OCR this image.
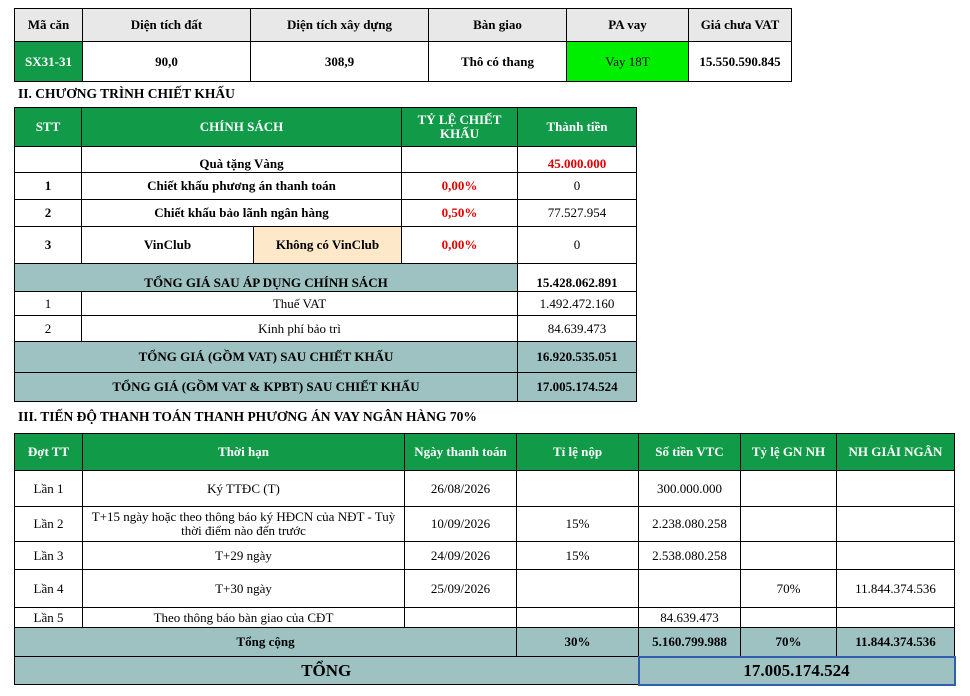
Mã căn	Diện tích đất	Diện tích xây dựng	Bàn giao	PA vay	Giá chưa VAT
SX31-31	90,0	308,9	Thô có thang	Vay 18T	15.550.590.845
II. CHƯƠNG TRÌNH CHIẾT KHẤU
STT	CHÍNH SÁCH		TỶ LỆ CHIẾT KHẤU	Thành tiền
	Quà tặng Vàng			45.000.000
1	Chiết khấu phương án thanh toán		0,00%	0
2	Chiết khấu bảo lãnh ngân hàng		0,50%	77.527.954
3	VinClub	Không có VinClub	0,00%	0
TỔNG GIÁ SAU ÁP DỤNG CHÍNH SÁCH				15.428.062.891
1	Thuế VAT			1.492.472.160
2	Kinh phí bảo trì			84.639.473
TỔNG GIÁ (GỒM VAT) SAU CHIẾT KHẤU				16.920.535.051
TỔNG GIÁ (GỒM VAT & KPBT) SAU CHIẾT KHẤU				17.005.174.524
III. TIẾN ĐỘ THANH TOÁN THANH PHƯƠNG ÁN VAY NGÂN HÀNG 70%
Đợt TT	Thời hạn	Ngày thanh toán	Tỉ lệ nộp	Số tiền VTC	Tỷ lệ GN NH	NH GIẢI NGÂN
Lần 1	Ký TTĐC (T)	26/08/2026		300.000.000		
Lần 2	T+15 ngày hoặc theo thông báo ký HĐCN của NĐT - Tuỳ thời điểm nào đến trước	10/09/2026	15%	2.238.080.258		
Lần 3	T+29 ngày	24/09/2026	15%	2.538.080.258		
Lần 4	T+30 ngày	25/09/2026			70%	11.844.374.536
Lần 5	Theo thông báo bàn giao của CĐT			84.639.473		
Tổng cộng			30%	5.160.799.988	70%	11.844.374.536
TỔNG				17.005.174.524		
